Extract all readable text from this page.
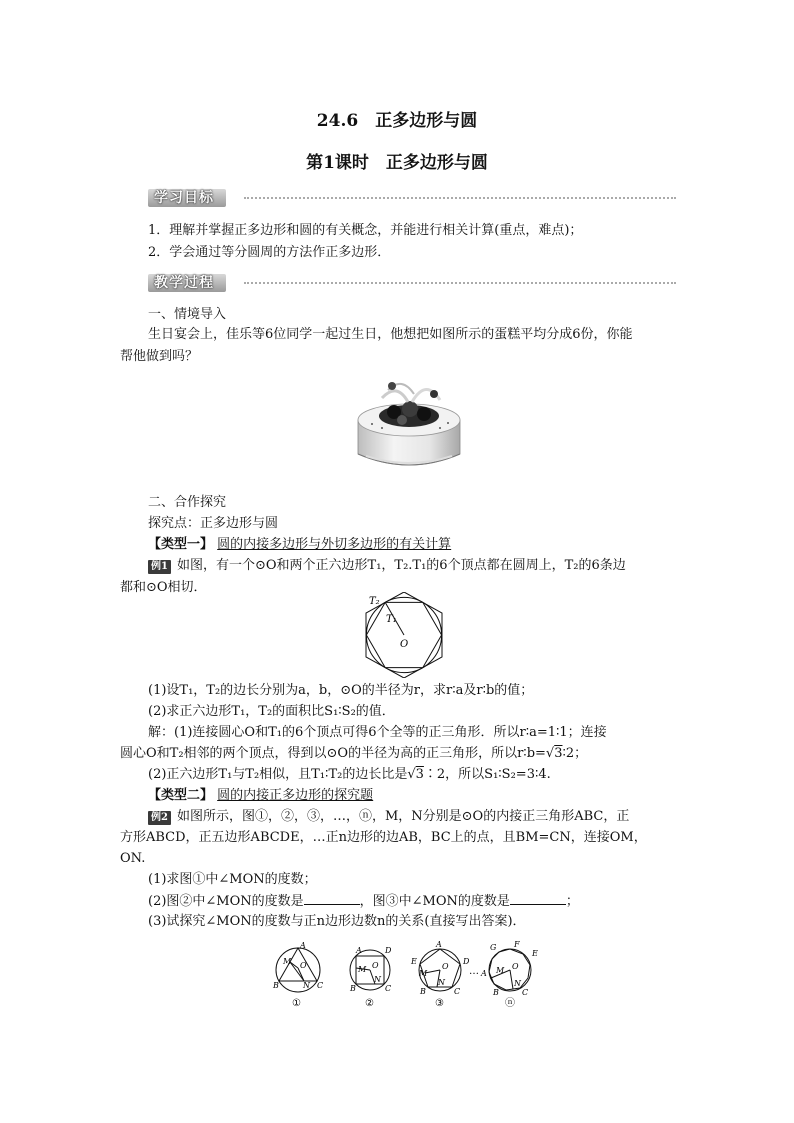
24.6　正多边形与圆
第1课时　正多边形与圆
学习目标
1．理解并掌握正多边形和圆的有关概念，并能进行相关计算(重点，难点)；
2．学会通过等分圆周的方法作正多边形．
教学过程
一、情境导入
生日宴会上，佳乐等6位同学一起过生日，他想把如图所示的蛋糕平均分成6份，你能
帮他做到吗？
二、合作探究
探究点：正多边形与圆
【类型一】 圆的内接多边形与外切多边形的有关计算
例1 如图，有一个⊙O和两个正六边形T₁，T₂.T₁的6个顶点都在圆周上，T₂的6条边
都和⊙O相切．
T₂
T₁
O
(1)设T₁，T₂的边长分别为a，b，⊙O的半径为r，求r∶a及r∶b的值；
(2)求正六边形T₁，T₂的面积比S₁∶S₂的值．
解：(1)连接圆心O和T₁的6个顶点可得6个全等的正三角形．所以r∶a=1∶1；连接
圆心O和T₂相邻的两个顶点，得到以⊙O的半径为高的正三角形，所以r∶b=√3∶2；
(2)正六边形T₁与T₂相似，且T₁∶T₂的边长比是√3∶2，所以S₁∶S₂=3∶4.
【类型二】 圆的内接正多边形的探究题
例2 如图所示，图①，②，③，…，ⓝ，M，N分别是⊙O的内接正三角形ABC，正
方形ABCD，正五边形ABCDE，…正n边形的边AB，BC上的点，且BM=CN，连接OM，
ON.
(1)求图①中∠MON的度数；
(2)图②中∠MON的度数是	，图③中∠MON的度数是	；
(3)试探究∠MON的度数与正n边形边数n的关系(直接写出答案)．
A
B	C
M
N
O
①
A
B	C
D
M
N
O
②
A
B	C
D
E
M
N
O
③
… A
B	C
E
F
G
M
N
O
ⓝ
